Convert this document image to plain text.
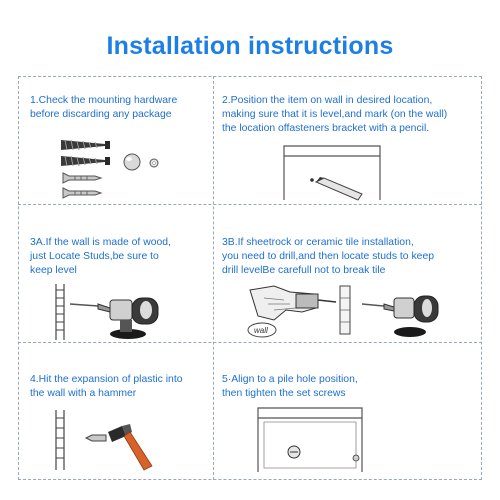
Installation instructions

1.Check the mounting hardware
before discarding any package

2.Position the item on wall in desired location,
making sure that it is level,and mark (on the wall)
the location offasteners bracket with a pencil.

3A.If the wall is made of wood,
just Locate Studs,be sure to
keep level

3B.If sheetrock or ceramic tile installation,
you need to drill,and then locate studs to keep
drill levelBe carefull not to break tile

wall

4.Hit the expansion of plastic into
the wall with a hammer

5·Align to a pile hole position,
then tighten the set screws
